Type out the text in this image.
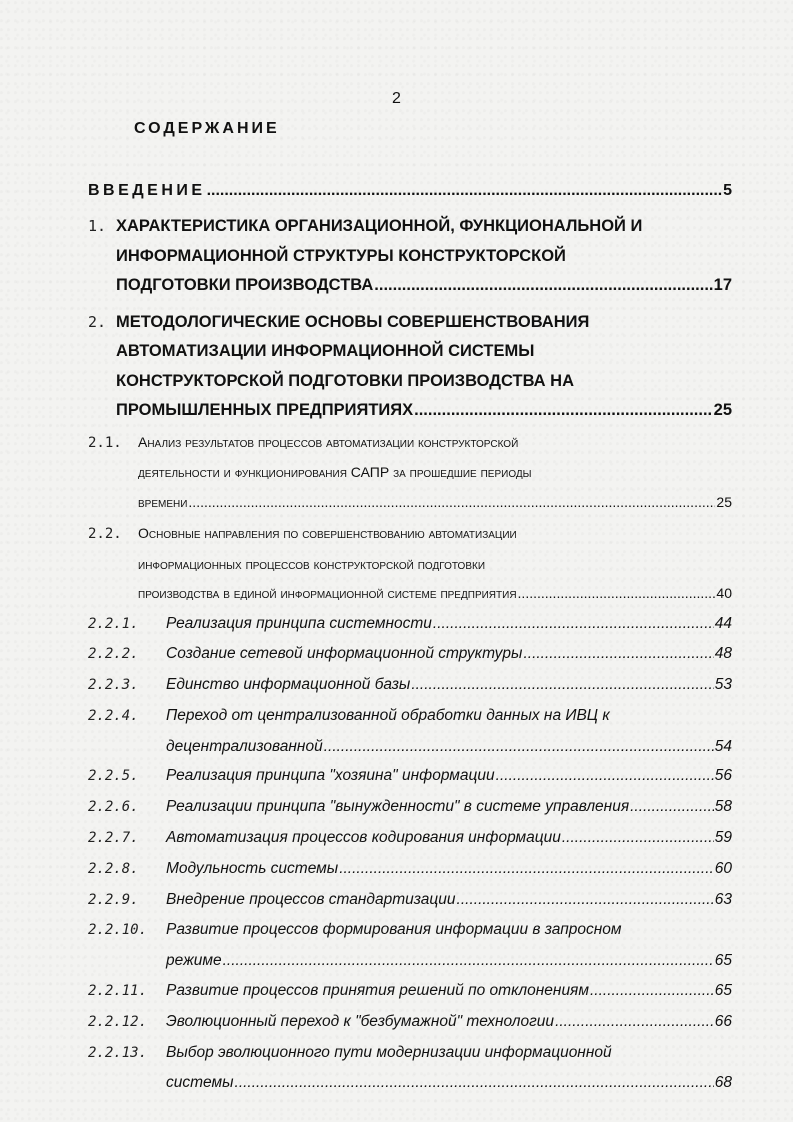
2
СОДЕРЖАНИЕ
ВВЕДЕНИЕ .....	5
1. ХАРАКТЕРИСТИКА ОРГАНИЗАЦИОННОЙ, ФУНКЦИОНАЛЬНОЙ И
ИНФОРМАЦИОННОЙ СТРУКТУРЫ КОНСТРУКТОРСКОЙ
ПОДГОТОВКИ ПРОИЗВОДСТВА .....	17
2. МЕТОДОЛОГИЧЕСКИЕ ОСНОВЫ СОВЕРШЕНСТВОВАНИЯ
АВТОМАТИЗАЦИИ ИНФОРМАЦИОННОЙ СИСТЕМЫ
КОНСТРУКТОРСКОЙ ПОДГОТОВКИ ПРОИЗВОДСТВА НА
ПРОМЫШЛЕННЫХ ПРЕДПРИЯТИЯХ .....	25
2.1.	Анализ результатов процессов автоматизации конструкторской
деятельности и функционирования САПР за прошедшие периоды
времени .....	25
2.2.	Основные направления по совершенствованию автоматизации
информационных процессов конструкторской подготовки
производства в единой информационной системе предприятия .....	40
2.2.1.	Реализация принципа системности .....	44
2.2.2.	Создание сетевой информационной структуры .....	48
2.2.3.	Единство информационной базы .....	53
2.2.4.	Переход от централизованной обработки данных на ИВЦ к
децентрализованной .....	54
2.2.5.	Реализация принципа "хозяина" информации .....	56
2.2.6.	Реализации принципа "вынужденности" в системе управления .....	58
2.2.7.	Автоматизация процессов кодирования информации .....	59
2.2.8.	Модульность системы .....	60
2.2.9.	Внедрение процессов стандартизации .....	63
2.2.10.	Развитие процессов формирования информации в запросном
режиме .....	65
2.2.11.	Развитие процессов принятия решений по отклонениям .....	65
2.2.12.	Эволюционный переход к "безбумажной" технологии .....	66
2.2.13.	Выбор эволюционного пути модернизации информационной
системы .....	68
